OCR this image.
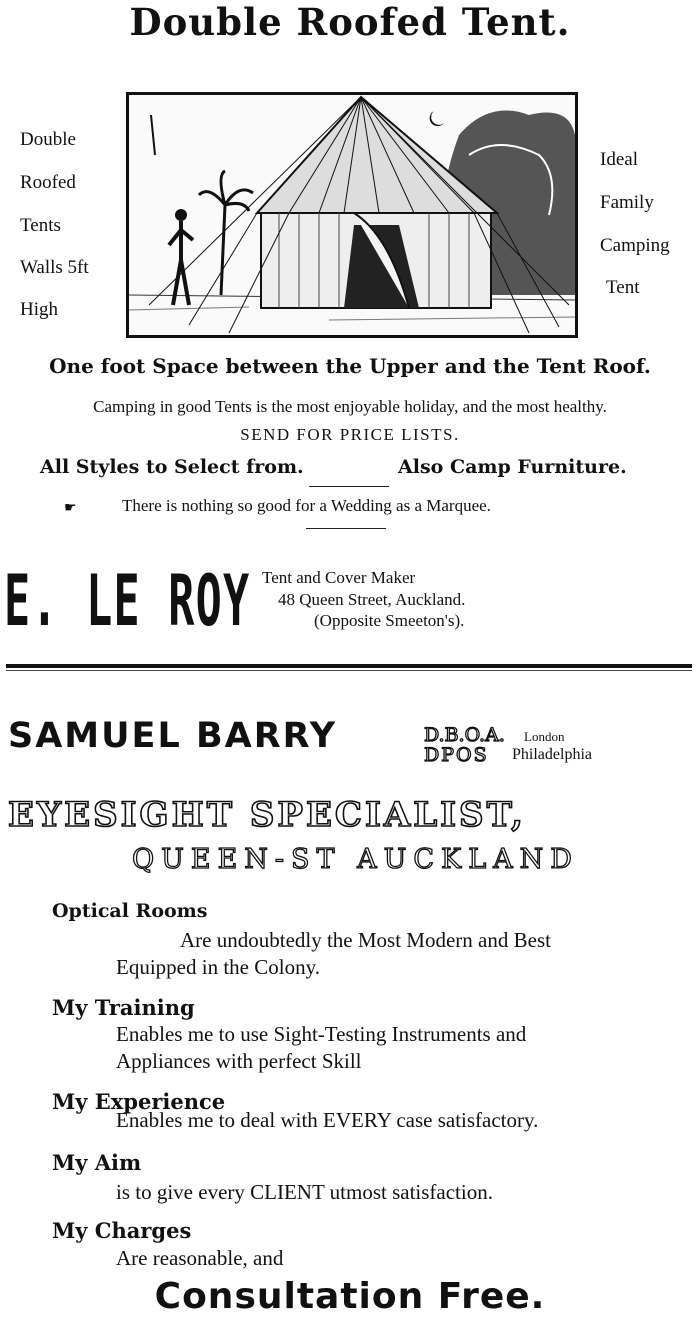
Double Roofed Tent.
Double
Roofed
Tents
Walls 5ft
High
Ideal
Family
Camping
Tent
One foot Space between the Upper and the Tent Roof.
Camping in good Tents is the most enjoyable holiday, and the most healthy.
SEND FOR PRICE LISTS.
All Styles to Select from.	Also Camp Furniture.
☛	There is nothing so good for a Wedding as a Marquee.
E. LE ROY Tent and Cover Maker
48 Queen Street, Auckland.
(Opposite Smeeton's).
SAMUEL BARRY	D.B.O.A. London
DPOS Philadelphia
EYESIGHT SPECIALIST,
QUEEN-ST AUCKLAND
Optical Rooms
Are undoubtedly the Most Modern and Best
Equipped in the Colony.
My Training
Enables me to use Sight-Testing Instruments and
Appliances with perfect Skill
My Experience
Enables me to deal with EVERY case satisfactory.
My Aim
is to give every CLIENT utmost satisfaction.
My Charges
Are reasonable, and
Consultation Free.
